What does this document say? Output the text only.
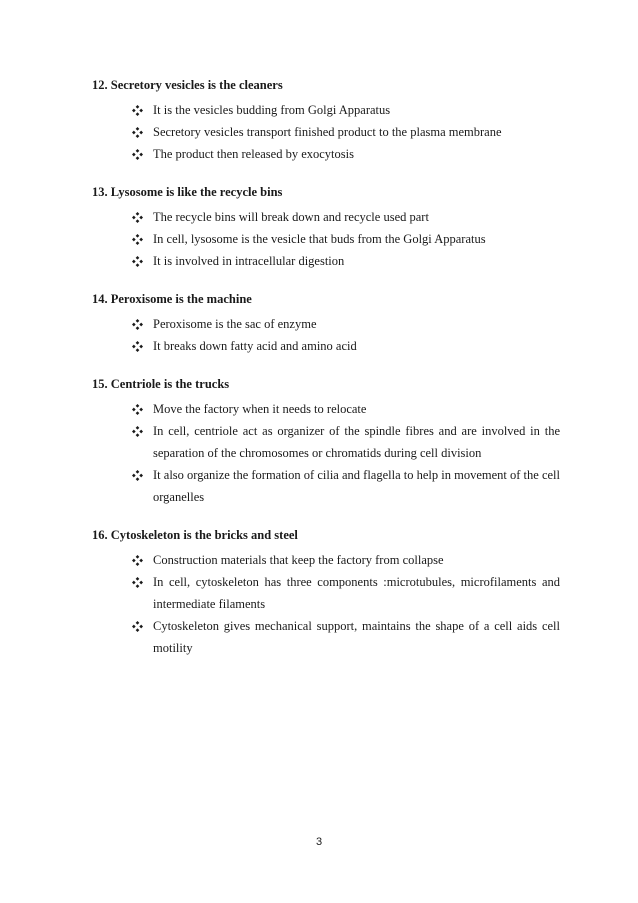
12. Secretory vesicles is the cleaners
It is the vesicles budding from Golgi Apparatus
Secretory vesicles transport finished product to the plasma membrane
The product then released by exocytosis
13. Lysosome is like the recycle bins
The recycle bins will break down and recycle used part
In cell, lysosome is the vesicle that buds from the Golgi Apparatus
It is involved in intracellular digestion
14. Peroxisome is the machine
Peroxisome is the sac of enzyme
It breaks down fatty acid and amino acid
15. Centriole is the trucks
Move the factory when it needs to relocate
In cell, centriole act as organizer of the spindle fibres and are involved in the separation of the chromosomes or chromatids during cell division
It also organize the formation of cilia and flagella to help in movement of the cell organelles
16. Cytoskeleton is the bricks and steel
Construction materials that keep the factory from collapse
In cell, cytoskeleton has three components :microtubules, microfilaments and intermediate filaments
Cytoskeleton gives mechanical support, maintains the shape of a cell aids cell motility
3
